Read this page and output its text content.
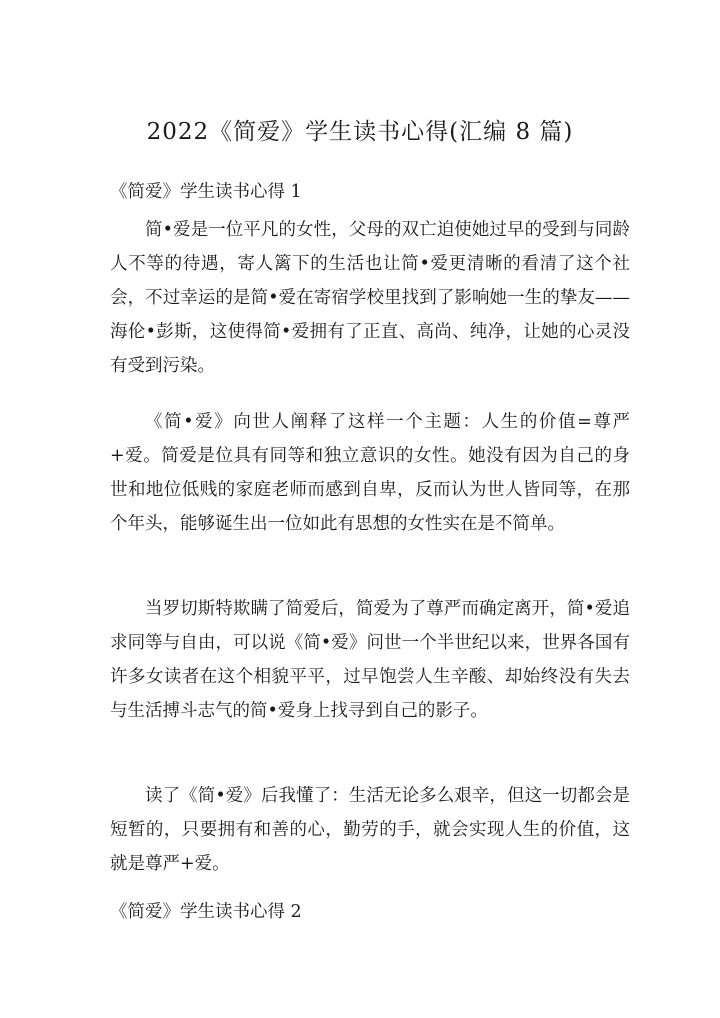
2022《简爱》学生读书心得(汇编 8 篇)
《简爱》学生读书心得 1

简•爱是一位平凡的女性，父母的双亡迫使她过早的受到与同龄人不等的待遇，寄人篱下的生活也让简•爱更清晰的看清了这个社会，不过幸运的是简•爱在寄宿学校里找到了影响她一生的挚友——海伦•彭斯，这使得简•爱拥有了正直、高尚、纯净，让她的心灵没有受到污染。

《简•爱》向世人阐释了这样一个主题：人生的价值=尊严+爱。简爱是位具有同等和独立意识的女性。她没有因为自己的身世和地位低贱的家庭老师而感到自卑，反而认为世人皆同等，在那个年头，能够诞生出一位如此有思想的女性实在是不简单。

当罗切斯特欺瞒了简爱后，简爱为了尊严而确定离开，简•爱追求同等与自由，可以说《简•爱》问世一个半世纪以来，世界各国有许多女读者在这个相貌平平，过早饱尝人生辛酸、却始终没有失去与生活搏斗志气的简•爱身上找寻到自己的影子。

读了《简•爱》后我懂了：生活无论多么艰辛，但这一切都会是短暂的，只要拥有和善的心，勤劳的手，就会实现人生的价值，这就是尊严+爱。

《简爱》学生读书心得 2
